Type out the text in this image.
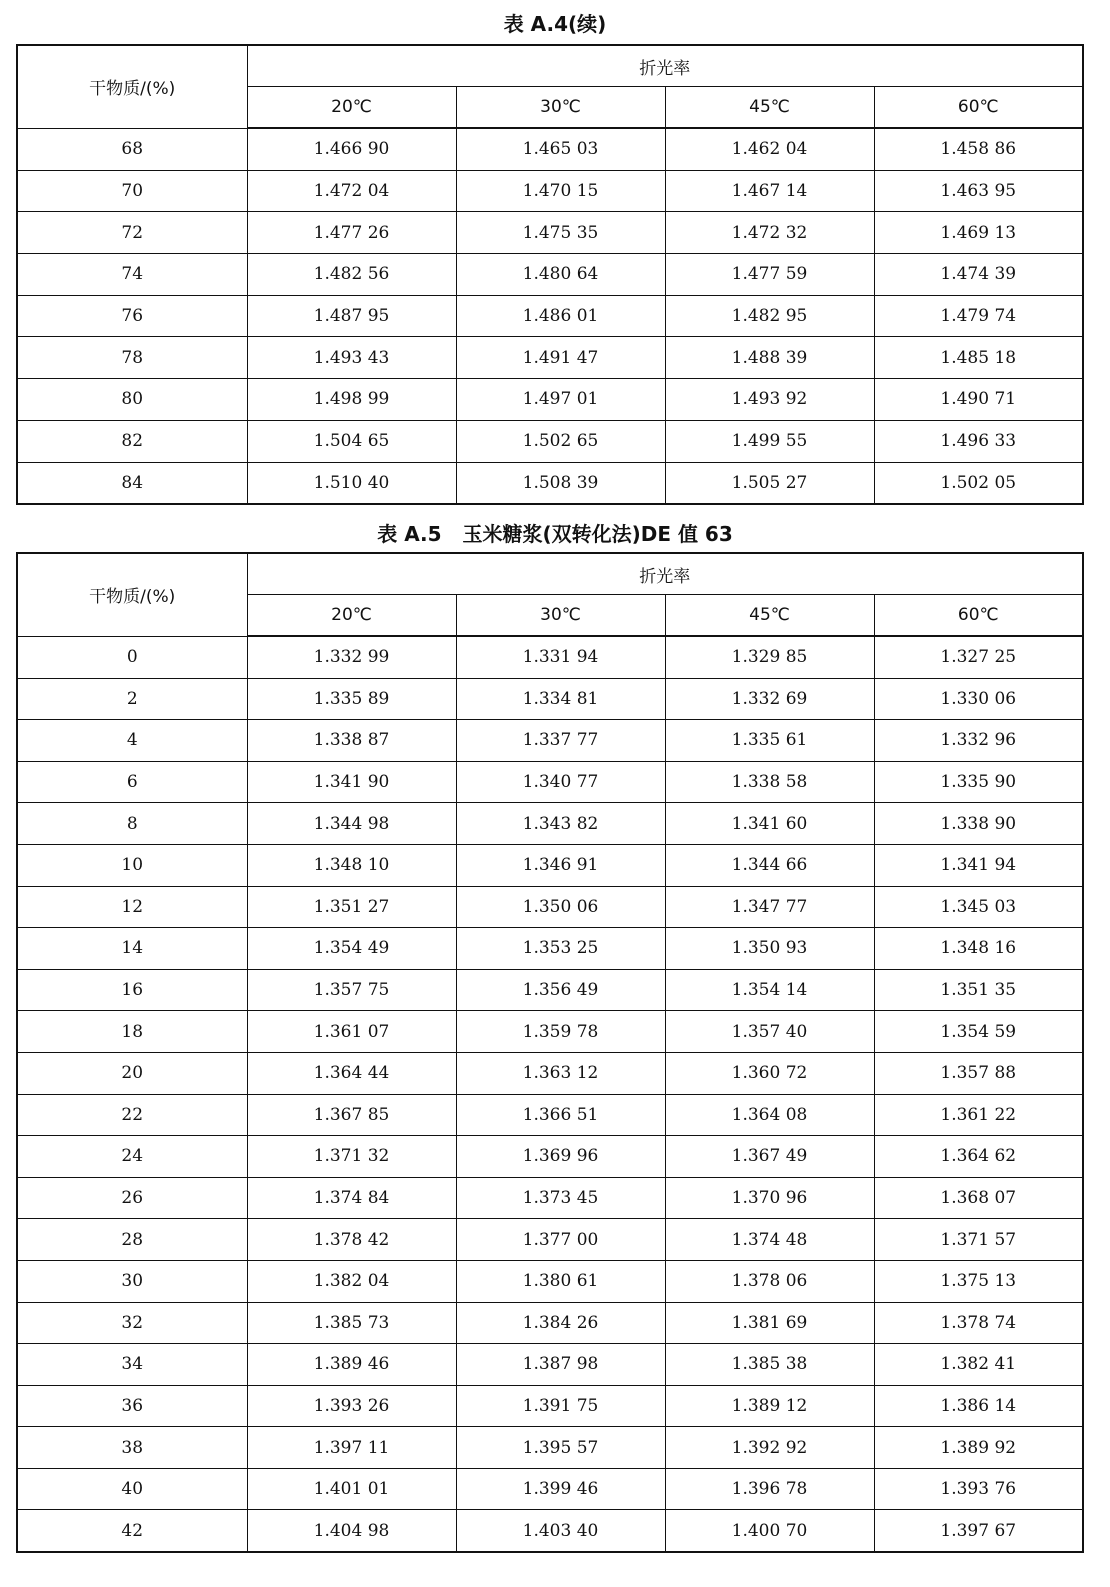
表 A.4(续)
干物质/(%)	折光率			
	20℃	30℃	45℃	60℃
68	1.466 90	1.465 03	1.462 04	1.458 86
70	1.472 04	1.470 15	1.467 14	1.463 95
72	1.477 26	1.475 35	1.472 32	1.469 13
74	1.482 56	1.480 64	1.477 59	1.474 39
76	1.487 95	1.486 01	1.482 95	1.479 74
78	1.493 43	1.491 47	1.488 39	1.485 18
80	1.498 99	1.497 01	1.493 92	1.490 71
82	1.504 65	1.502 65	1.499 55	1.496 33
84	1.510 40	1.508 39	1.505 27	1.502 05
表 A.5   玉米糖浆(双转化法)DE 值 63
干物质/(%)	折光率			
	20℃	30℃	45℃	60℃
0	1.332 99	1.331 94	1.329 85	1.327 25
2	1.335 89	1.334 81	1.332 69	1.330 06
4	1.338 87	1.337 77	1.335 61	1.332 96
6	1.341 90	1.340 77	1.338 58	1.335 90
8	1.344 98	1.343 82	1.341 60	1.338 90
10	1.348 10	1.346 91	1.344 66	1.341 94
12	1.351 27	1.350 06	1.347 77	1.345 03
14	1.354 49	1.353 25	1.350 93	1.348 16
16	1.357 75	1.356 49	1.354 14	1.351 35
18	1.361 07	1.359 78	1.357 40	1.354 59
20	1.364 44	1.363 12	1.360 72	1.357 88
22	1.367 85	1.366 51	1.364 08	1.361 22
24	1.371 32	1.369 96	1.367 49	1.364 62
26	1.374 84	1.373 45	1.370 96	1.368 07
28	1.378 42	1.377 00	1.374 48	1.371 57
30	1.382 04	1.380 61	1.378 06	1.375 13
32	1.385 73	1.384 26	1.381 69	1.378 74
34	1.389 46	1.387 98	1.385 38	1.382 41
36	1.393 26	1.391 75	1.389 12	1.386 14
38	1.397 11	1.395 57	1.392 92	1.389 92
40	1.401 01	1.399 46	1.396 78	1.393 76
42	1.404 98	1.403 40	1.400 70	1.397 67
